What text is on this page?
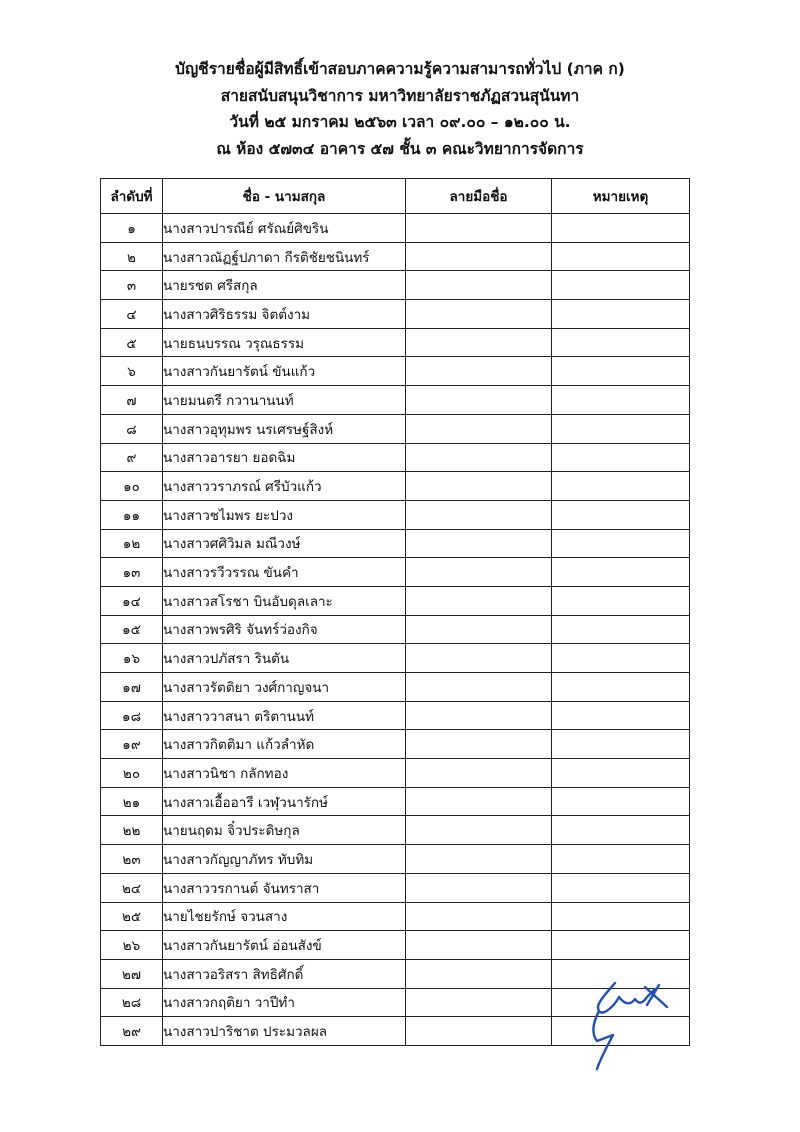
บัญชีรายชื่อผู้มีสิทธิ์เข้าสอบภาคความรู้ความสามารถทั่วไป (ภาค ก)
สายสนับสนุนวิชาการ มหาวิทยาลัยราชภัฏสวนสุนันทา
วันที่ ๒๕ มกราคม ๒๕๖๓ เวลา ๐๙.๐๐ – ๑๒.๐๐ น.
ณ ห้อง ๕๗๓๔ อาคาร ๕๗ ชั้น ๓ คณะวิทยาการจัดการ
ลำดับที่	ชื่อ - นามสกุล	ลายมือชื่อ	หมายเหตุ
๑	นางสาวปารณีย์ ศรัณย์ศิขริน		
๒	นางสาวณัฏฐ์ปภาดา กีรติชัยชนินทร์		
๓	นายรชต ศรีสกุล		
๔	นางสาวศิริธรรม จิตต์งาม		
๕	นายธนบรรณ วรุณธรรม		
๖	นางสาวกันยารัตน์ ขันแก้ว		
๗	นายมนตรี กวานานนท์		
๘	นางสาวอุทุมพร นรเศรษฐ์สิงห์		
๙	นางสาวอารยา ยอดฉิม		
๑๐	นางสาววราภรณ์ ศรีบัวแก้ว		
๑๑	นางสาวชไมพร ยะปวง		
๑๒	นางสาวศศิวิมล มณีวงษ์		
๑๓	นางสาวรวีวรรณ ขันคำ		
๑๔	นางสาวสโรชา บินอับดุลเลาะ		
๑๕	นางสาวพรศิริ จันทร์ว่องกิจ		
๑๖	นางสาวปภัสรา รินตัน		
๑๗	นางสาวรัตติยา วงศ์กาญจนา		
๑๘	นางสาววาสนา ตริตานนท์		
๑๙	นางสาวกิตติมา แก้วลำหัด		
๒๐	นางสาวนิชา กลักทอง		
๒๑	นางสาวเอื้ออารี เวฬุวนารักษ์		
๒๒	นายนฤดม จิ๋วประดิษกุล		
๒๓	นางสาวกัญญาภัทร ทับทิม		
๒๔	นางสาววรกานต์ จันทราสา		
๒๕	นายไชยรักษ์ จวนสาง		
๒๖	นางสาวกันยารัตน์ อ่อนสังข์		
๒๗	นางสาวอริสรา สิทธิศักดิ์		
๒๘	นางสาวกฤติยา วาปีทำ		
๒๙	นางสาวปาริชาต ประมวลผล		
